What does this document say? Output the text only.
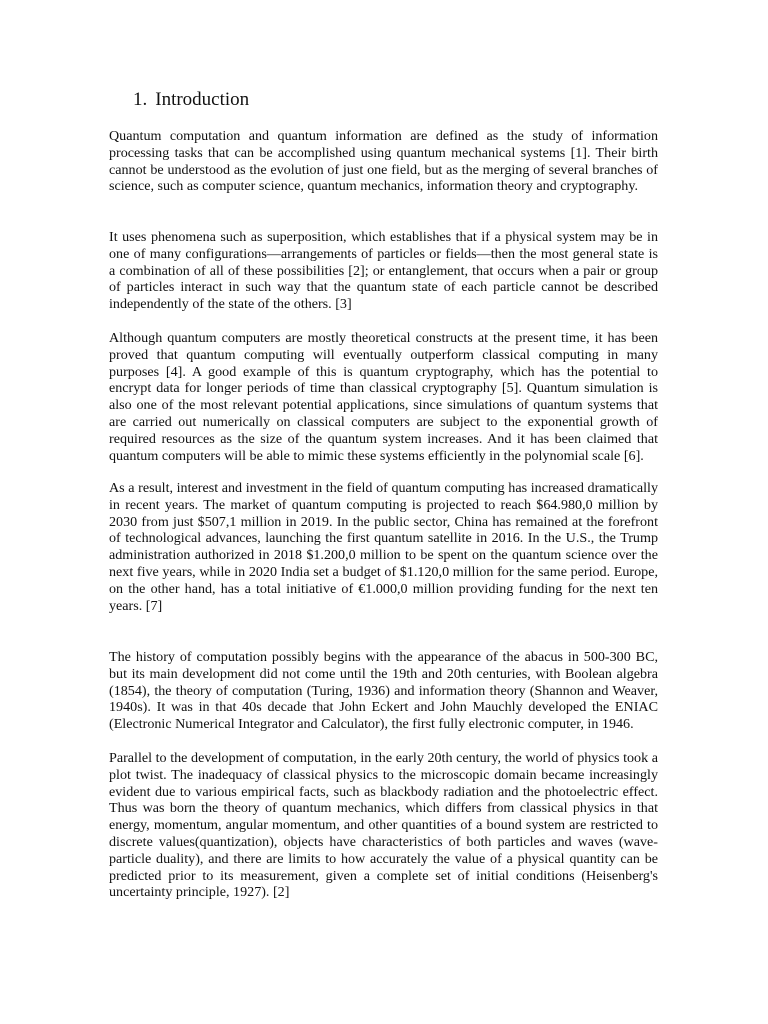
1. Introduction

Quantum computation and quantum information are defined as the study of information processing tasks that can be accomplished using quantum mechanical systems [1]. Their birth cannot be understood as the evolution of just one field, but as the merging of several branches of science, such as computer science, quantum mechanics, information theory and cryptography.

It uses phenomena such as superposition, which establishes that if a physical system may be in one of many configurations—arrangements of particles or fields—then the most general state is a combination of all of these possibilities [2]; or entanglement, that occurs when a pair or group of particles interact in such way that the quantum state of each particle cannot be described independently of the state of the others. [3]

Although quantum computers are mostly theoretical constructs at the present time, it has been proved that quantum computing will eventually outperform classical computing in many purposes [4]. A good example of this is quantum cryptography, which has the potential to encrypt data for longer periods of time than classical cryptography [5]. Quantum simulation is also one of the most relevant potential applications, since simulations of quantum systems that are carried out numerically on classical computers are subject to the exponential growth of required resources as the size of the quantum system increases. And it has been claimed that quantum computers will be able to mimic these systems efficiently in the polynomial scale [6].

As a result, interest and investment in the field of quantum computing has increased dramatically in recent years. The market of quantum computing is projected to reach $64.980,0 million by 2030 from just $507,1 million in 2019. In the public sector, China has remained at the forefront of technological advances, launching the first quantum satellite in 2016. In the U.S., the Trump administration authorized in 2018 $1.200,0 million to be spent on the quantum science over the next five years, while in 2020 India set a budget of $1.120,0 million for the same period. Europe, on the other hand, has a total initiative of €1.000,0 million providing funding for the next ten years. [7]

The history of computation possibly begins with the appearance of the abacus in 500-300 BC, but its main development did not come until the 19th and 20th centuries, with Boolean algebra (1854), the theory of computation (Turing, 1936) and information theory (Shannon and Weaver, 1940s). It was in that 40s decade that John Eckert and John Mauchly developed the ENIAC (Electronic Numerical Integrator and Calculator), the first fully electronic computer, in 1946.

Parallel to the development of computation, in the early 20th century, the world of physics took a plot twist. The inadequacy of classical physics to the microscopic domain became increasingly evident due to various empirical facts, such as blackbody radiation and the photoelectric effect. Thus was born the theory of quantum mechanics, which differs from classical physics in that energy, momentum, angular momentum, and other quantities of a bound system are restricted to discrete values(quantization), objects have characteristics of both particles and waves (wave-particle duality), and there are limits to how accurately the value of a physical quantity can be predicted prior to its measurement, given a complete set of initial conditions (Heisenberg's uncertainty principle, 1927). [2]
